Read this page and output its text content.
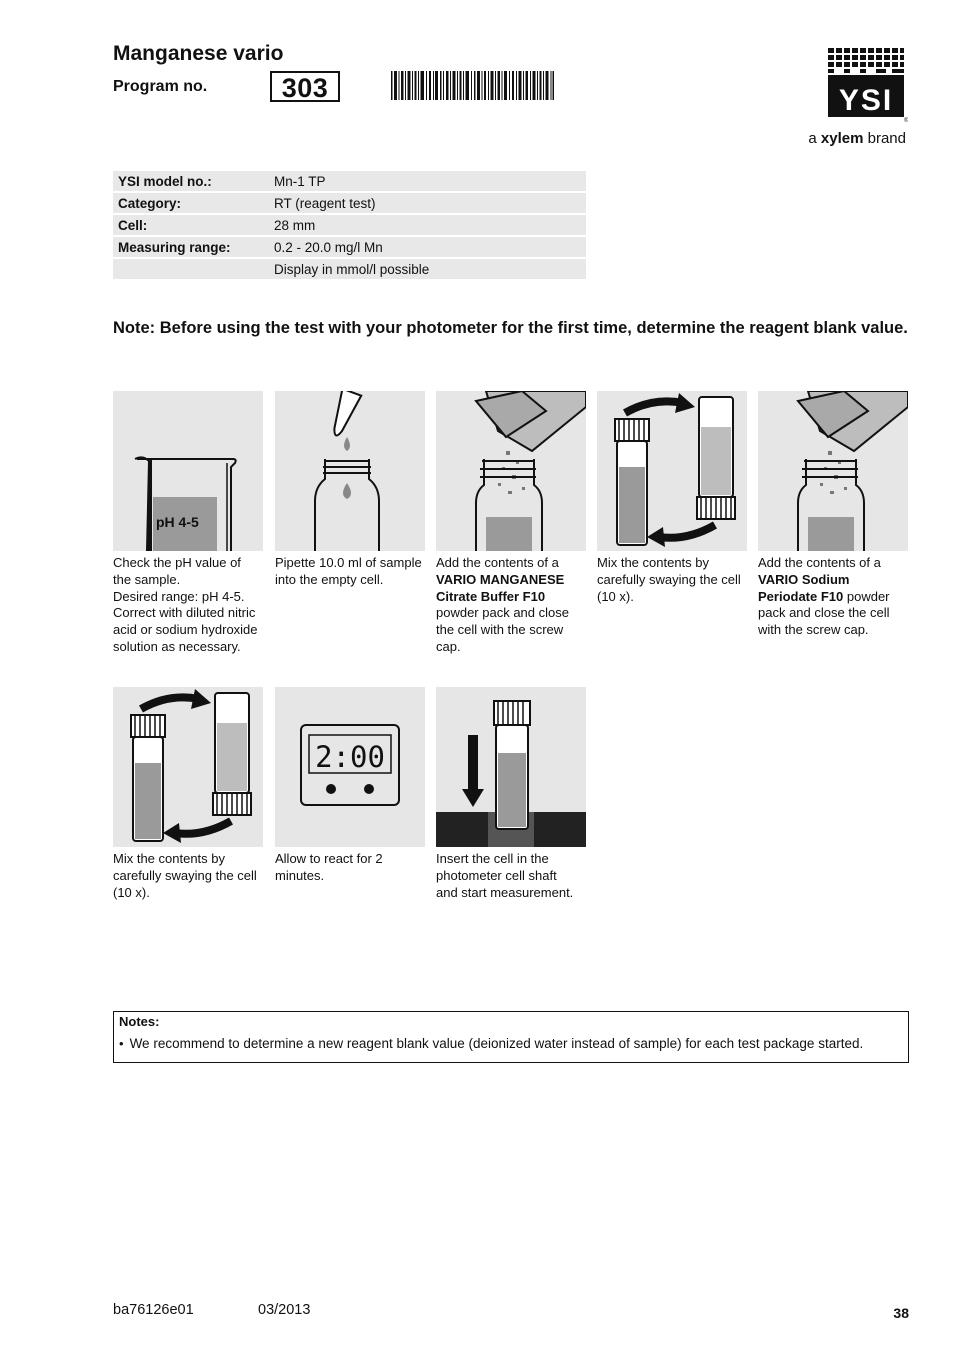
Manganese vario
Program no.	303	YSI
®
a xylem brand
YSI model no.:	Mn-1 TP
Category:	RT (reagent test)
Cell:	28 mm
Measuring range:	0.2 - 20.0 mg/l Mn
	Display in mmol/l possible
Note: Before using the test with your photometer for the first time, determine the reagent blank value.
pH 4-5
Check the pH value of
the sample.
Desired range: pH 4-5.
Correct with diluted nitric
acid or sodium hydroxide
solution as necessary.
Pipette 10.0 ml of sample
into the empty cell.
Add the contents of a
VARIO MANGANESE
Citrate Buffer F10
powder pack and close
the cell with the screw
cap.
Mix the contents by
carefully swaying the cell
(10 x).
Add the contents of a
VARIO Sodium
Periodate F10 powder
pack and close the cell
with the screw cap.
Mix the contents by
carefully swaying the cell
(10 x).
2:00
Allow to react for 2
minutes.
Insert the cell in the
photometer cell shaft
and start measurement.
Notes:
• We recommend to determine a new reagent blank value (deionized water instead of sample) for each test package started.
ba76126e01	03/2013	38
